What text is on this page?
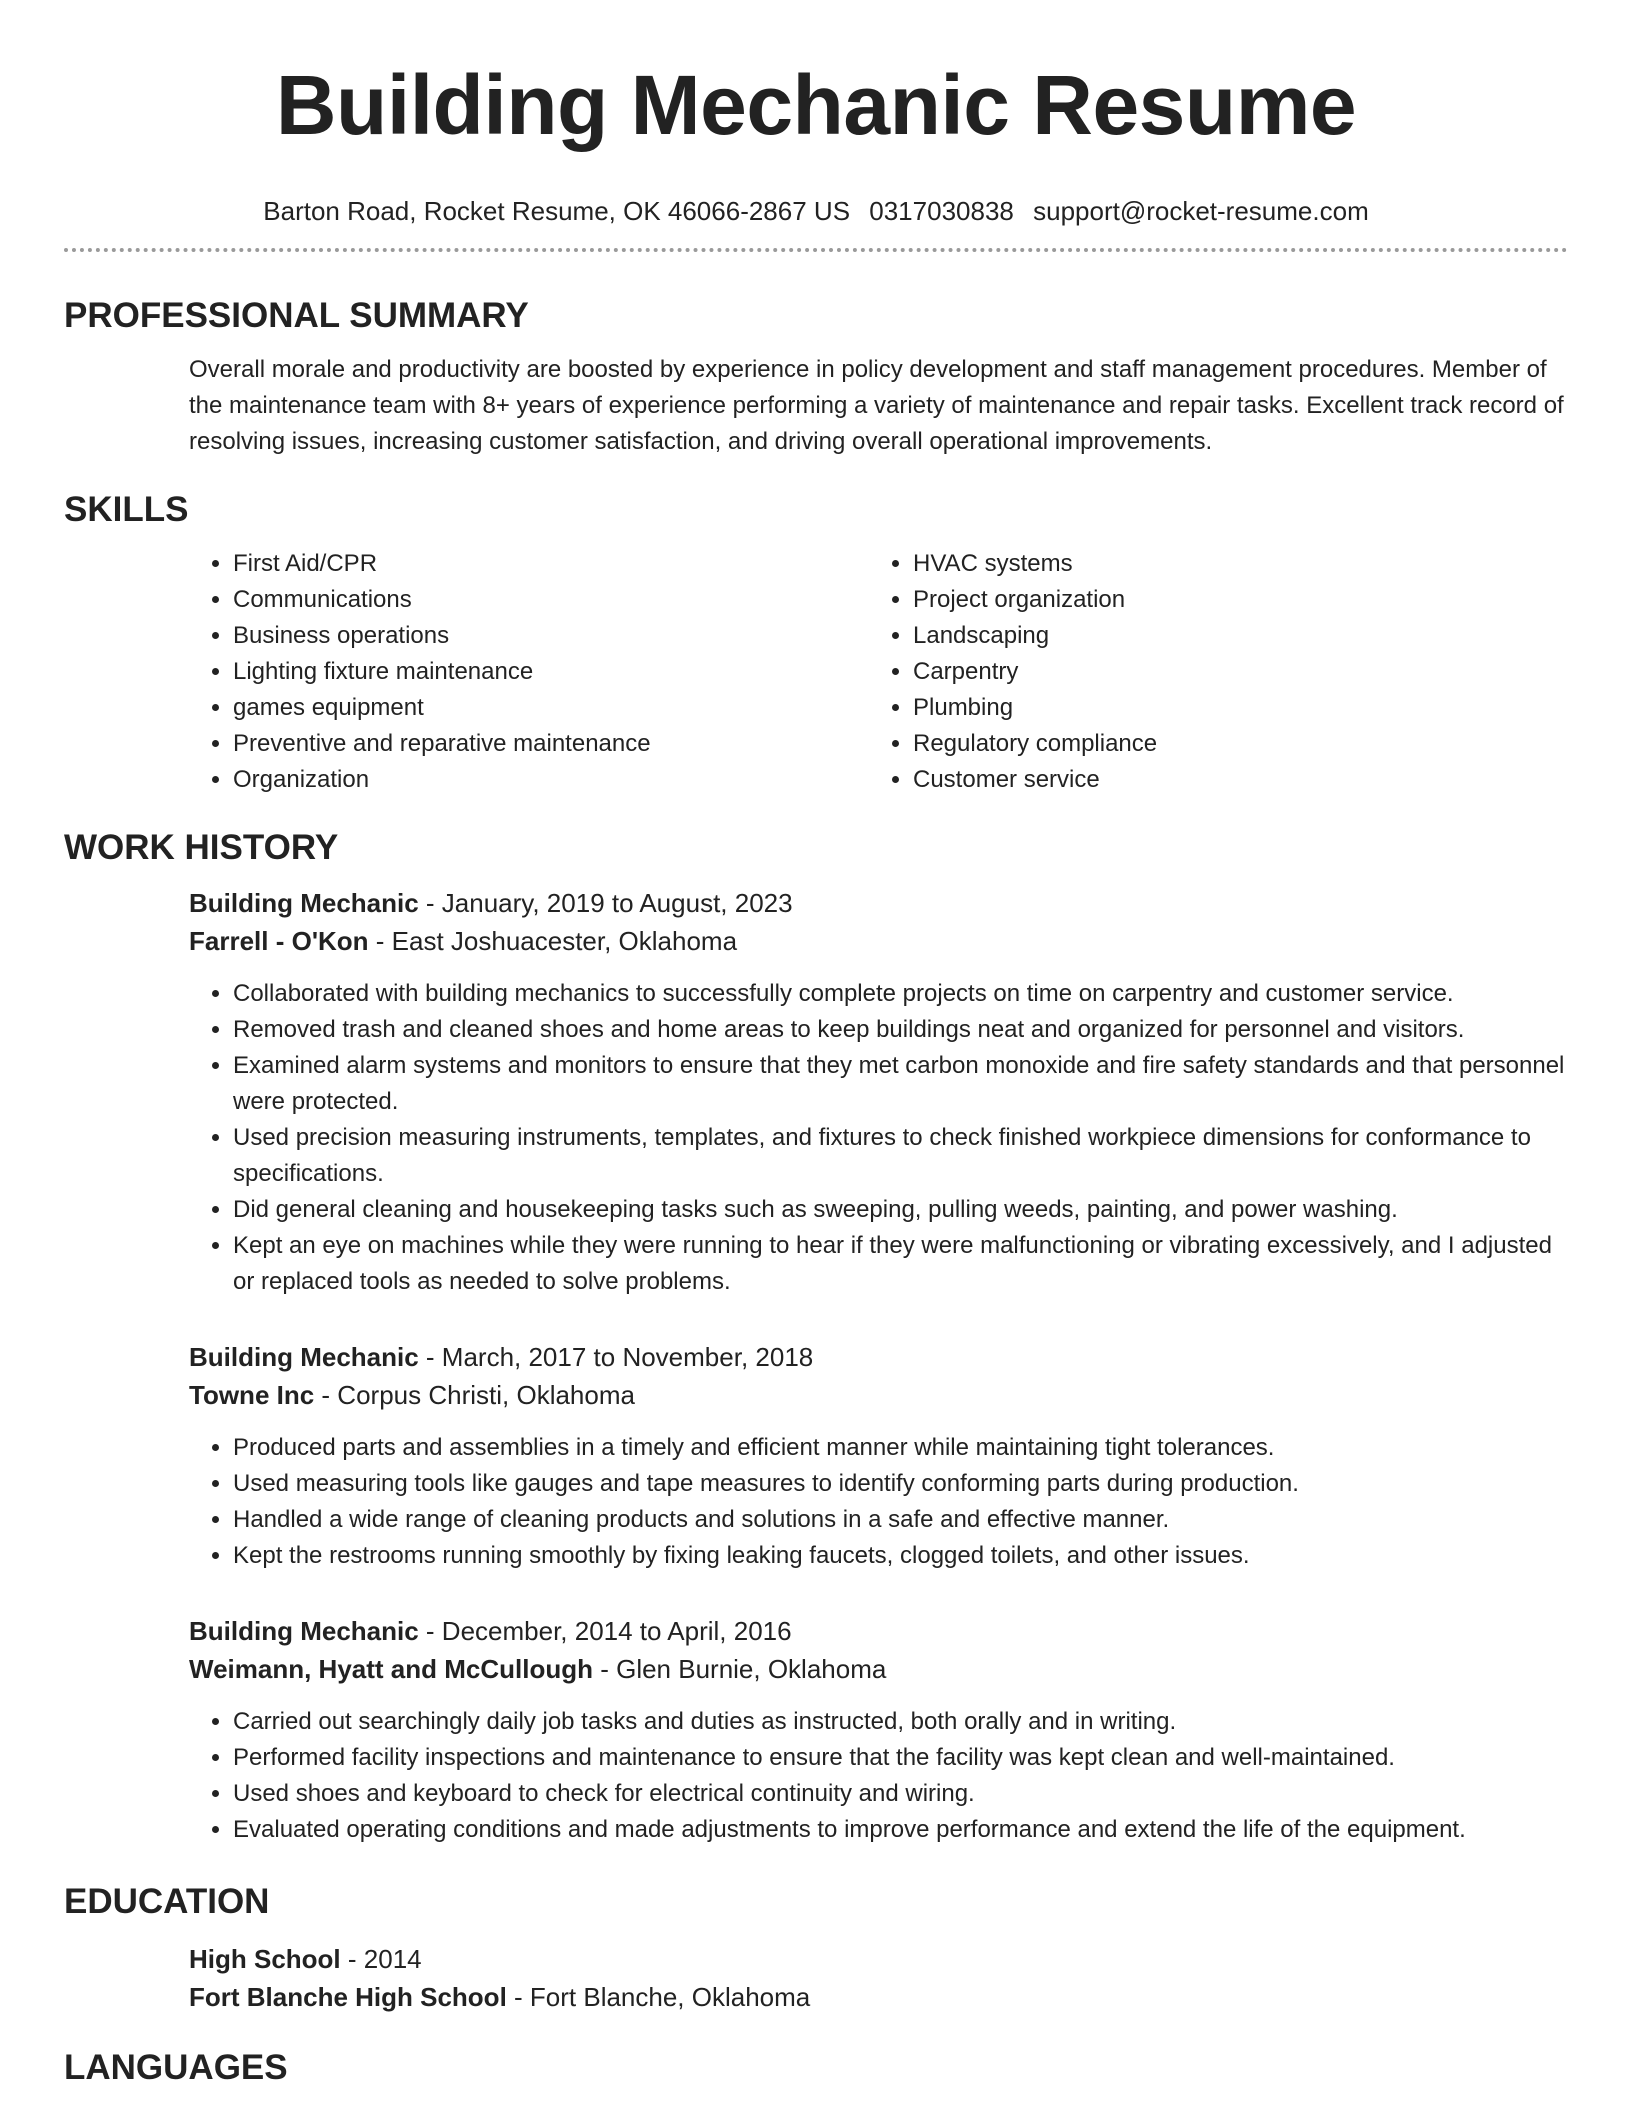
Building Mechanic Resume
Barton Road, Rocket Resume, OK 46066-2867 US 0317030838 support@rocket-resume.com
PROFESSIONAL SUMMARY

Overall morale and productivity are boosted by experience in policy development and staff management procedures. Member of the maintenance team with 8+ years of experience performing a variety of maintenance and repair tasks. Excellent track record of resolving issues, increasing customer satisfaction, and driving overall operational improvements.

SKILLS
• First Aid/CPR
• Communications
• Business operations
• Lighting fixture maintenance
• games equipment
• Preventive and reparative maintenance
• Organization
• HVAC systems
• Project organization
• Landscaping
• Carpentry
• Plumbing
• Regulatory compliance
• Customer service
WORK HISTORY

Building Mechanic - January, 2019 to August, 2023

Farrell - O'Kon - East Joshuacester, Oklahoma

• Collaborated with building mechanics to successfully complete projects on time on carpentry and customer service.
• Removed trash and cleaned shoes and home areas to keep buildings neat and organized for personnel and visitors.
• Examined alarm systems and monitors to ensure that they met carbon monoxide and fire safety standards and that personnel were protected.
• Used precision measuring instruments, templates, and fixtures to check finished workpiece dimensions for conformance to specifications.
• Did general cleaning and housekeeping tasks such as sweeping, pulling weeds, painting, and power washing.
• Kept an eye on machines while they were running to hear if they were malfunctioning or vibrating excessively, and I adjusted or replaced tools as needed to solve problems.

Building Mechanic - March, 2017 to November, 2018

Towne Inc - Corpus Christi, Oklahoma

• Produced parts and assemblies in a timely and efficient manner while maintaining tight tolerances.
• Used measuring tools like gauges and tape measures to identify conforming parts during production.
• Handled a wide range of cleaning products and solutions in a safe and effective manner.
• Kept the restrooms running smoothly by fixing leaking faucets, clogged toilets, and other issues.

Building Mechanic - December, 2014 to April, 2016

Weimann, Hyatt and McCullough - Glen Burnie, Oklahoma

• Carried out searchingly daily job tasks and duties as instructed, both orally and in writing.
• Performed facility inspections and maintenance to ensure that the facility was kept clean and well-maintained.
• Used shoes and keyboard to check for electrical continuity and wiring.
• Evaluated operating conditions and made adjustments to improve performance and extend the life of the equipment.
EDUCATION

High School - 2014

Fort Blanche High School - Fort Blanche, Oklahoma

LANGUAGES
